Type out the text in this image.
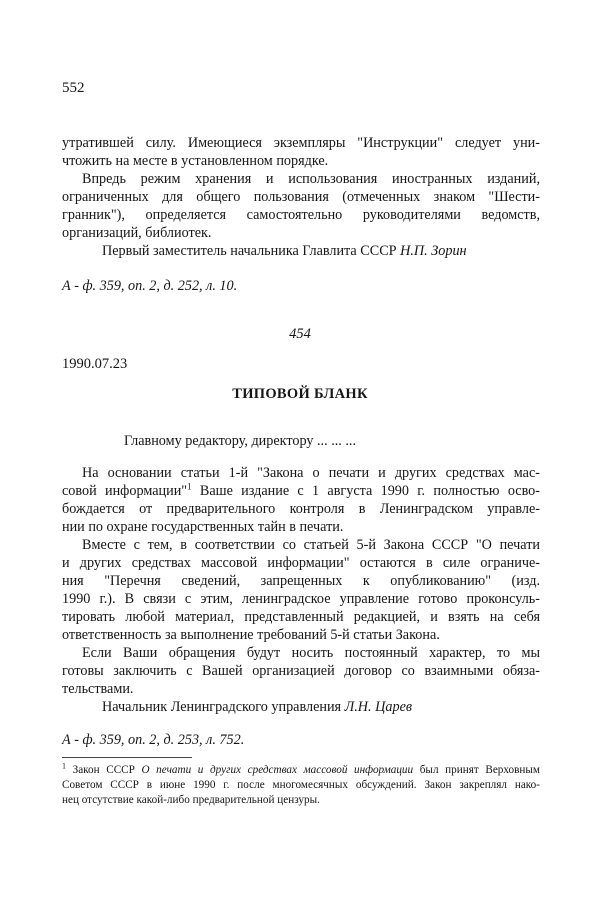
552
утратившей силу. Имеющиеся экземпляры "Инструкции" следует уни-
чтожить на месте в установленном порядке.
Впредь режим хранения и использования иностранных изданий,
ограниченных для общего пользования (отмеченных знаком "Шести-
гранник"), определяется самостоятельно руководителями ведомств,
организаций, библиотек.
Первый заместитель начальника Главлита СССР Н.П. Зорин
А - ф. 359, оп. 2, д. 252, л. 10.
454
1990.07.23
ТИПОВОЙ БЛАНК
Главному редактору, директору ... ... ...
На основании статьи 1-й "Закона о печати и других средствах мас-
совой информации"$^1$ Ваше издание с 1 августа 1990 г. полностью осво-
бождается от предварительного контроля в Ленинградском управле-
нии по охране государственных тайн в печати.
Вместе с тем, в соответствии со статьей 5-й Закона СССР "О печати
и других средствах массовой информации" остаются в силе ограниче-
ния "Перечня сведений, запрещенных к опубликованию" (изд.
1990 г.). В связи с этим, ленинградское управление готово проконсуль-
тировать любой материал, представленный редакцией, и взять на себя
ответственность за выполнение требований 5-й статьи Закона.
Если Ваши обращения будут носить постоянный характер, то мы
готовы заключить с Вашей организацией договор со взаимными обяза-
тельствами.
Начальник Ленинградского управления Л.Н. Царев
А - ф. 359, оп. 2, д. 253, л. 752.
$^1$ Закон СССР О печати и других средствах массовой информации был принят Верховным
Советом СССР в июне 1990 г. после многомесячных обсуждений. Закон закреплял нако-
нец отсутствие какой-либо предварительной цензуры.
